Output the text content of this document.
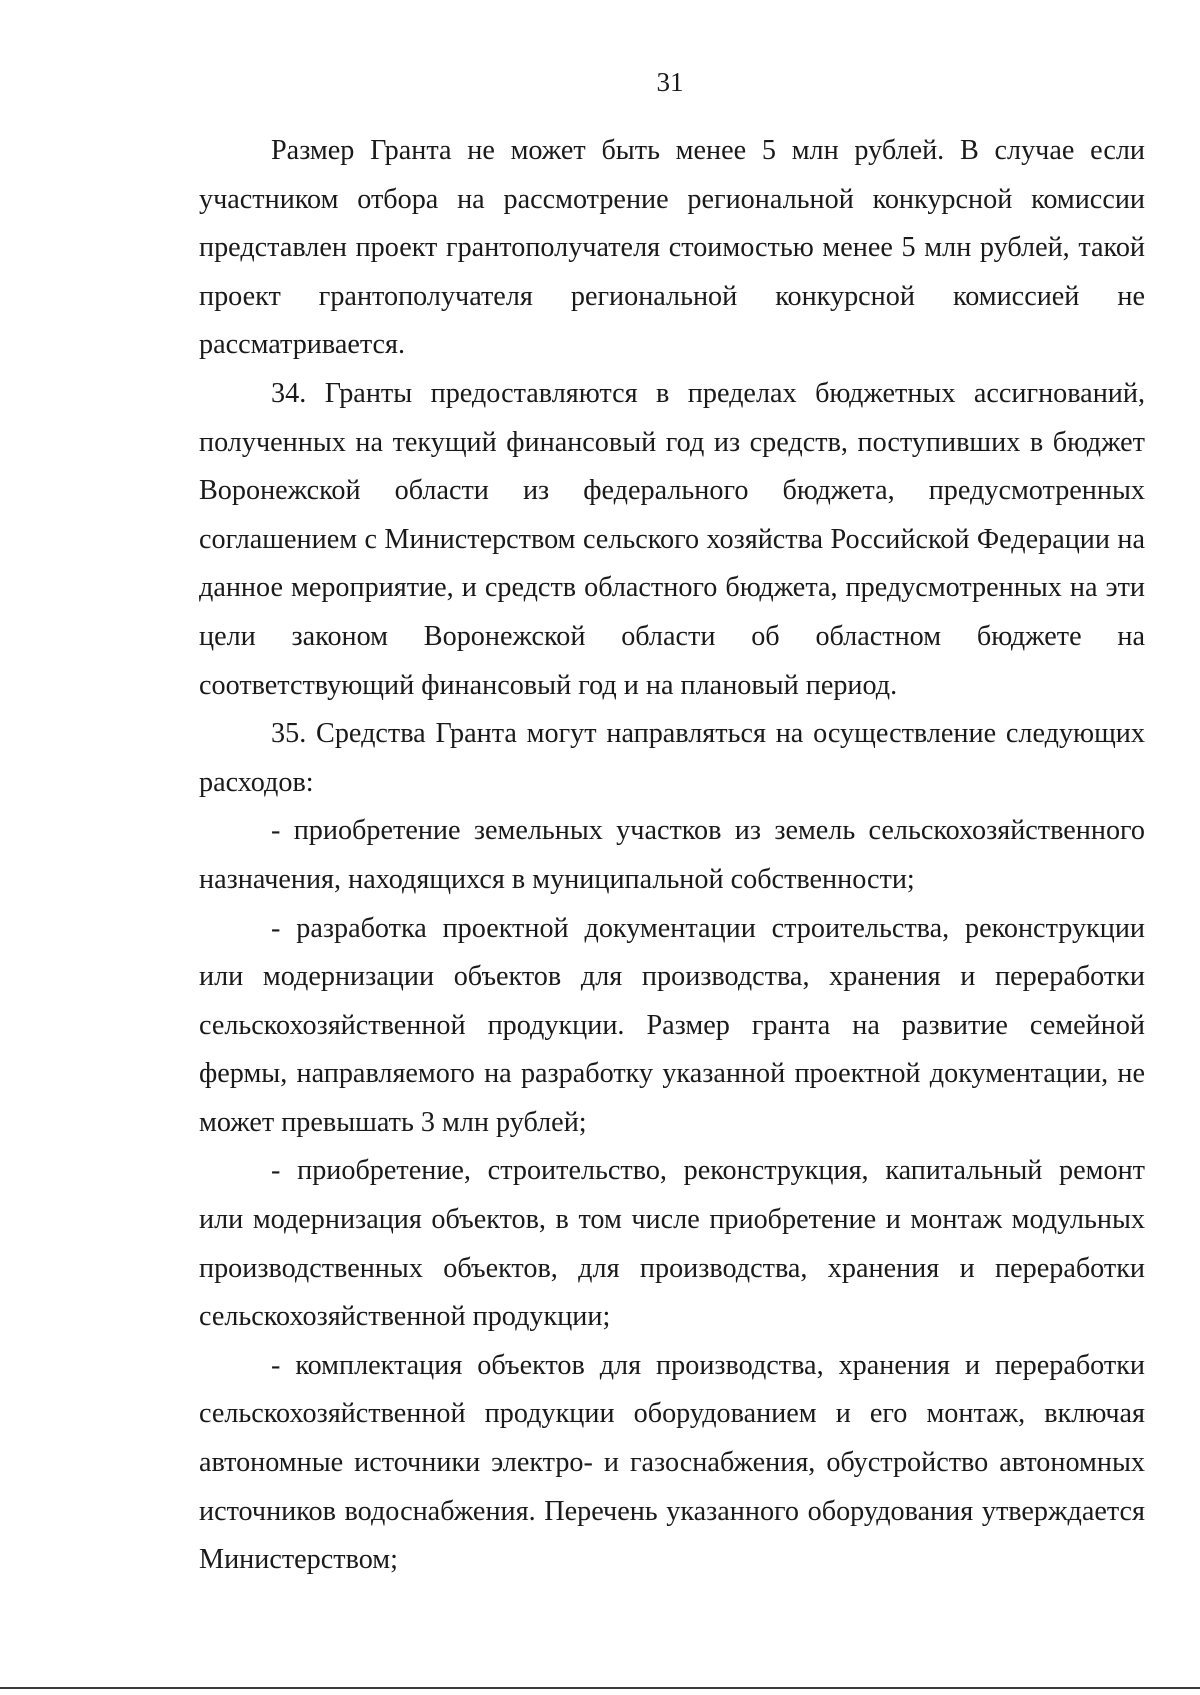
31

Размер Гранта не может быть менее 5 млн рублей. В случае если участником отбора на рассмотрение региональной конкурсной комиссии представлен проект грантополучателя стоимостью менее 5 млн рублей, такой проект грантополучателя региональной конкурсной комиссией не рассматривается.

34. Гранты предоставляются в пределах бюджетных ассигнований, полученных на текущий финансовый год из средств, поступивших в бюджет Воронежской области из федерального бюджета, предусмотренных соглашением с Министерством сельского хозяйства Российской Федерации на данное мероприятие, и средств областного бюджета, предусмотренных на эти цели законом Воронежской области об областном бюджете на соответствующий финансовый год и на плановый период.

35. Средства Гранта могут направляться на осуществление следующих расходов:

- приобретение земельных участков из земель сельскохозяйственного назначения, находящихся в муниципальной собственности;

- разработка проектной документации строительства, реконструкции или модернизации объектов для производства, хранения и переработки сельскохозяйственной продукции. Размер гранта на развитие семейной фермы, направляемого на разработку указанной проектной документации, не может превышать 3 млн рублей;

- приобретение, строительство, реконструкция, капитальный ремонт или модернизация объектов, в том числе приобретение и монтаж модульных производственных объектов, для производства, хранения и переработки сельскохозяйственной продукции;

- комплектация объектов для производства, хранения и переработки сельскохозяйственной продукции оборудованием и его монтаж, включая автономные источники электро- и газоснабжения, обустройство автономных источников водоснабжения. Перечень указанного оборудования утверждается Министерством;
